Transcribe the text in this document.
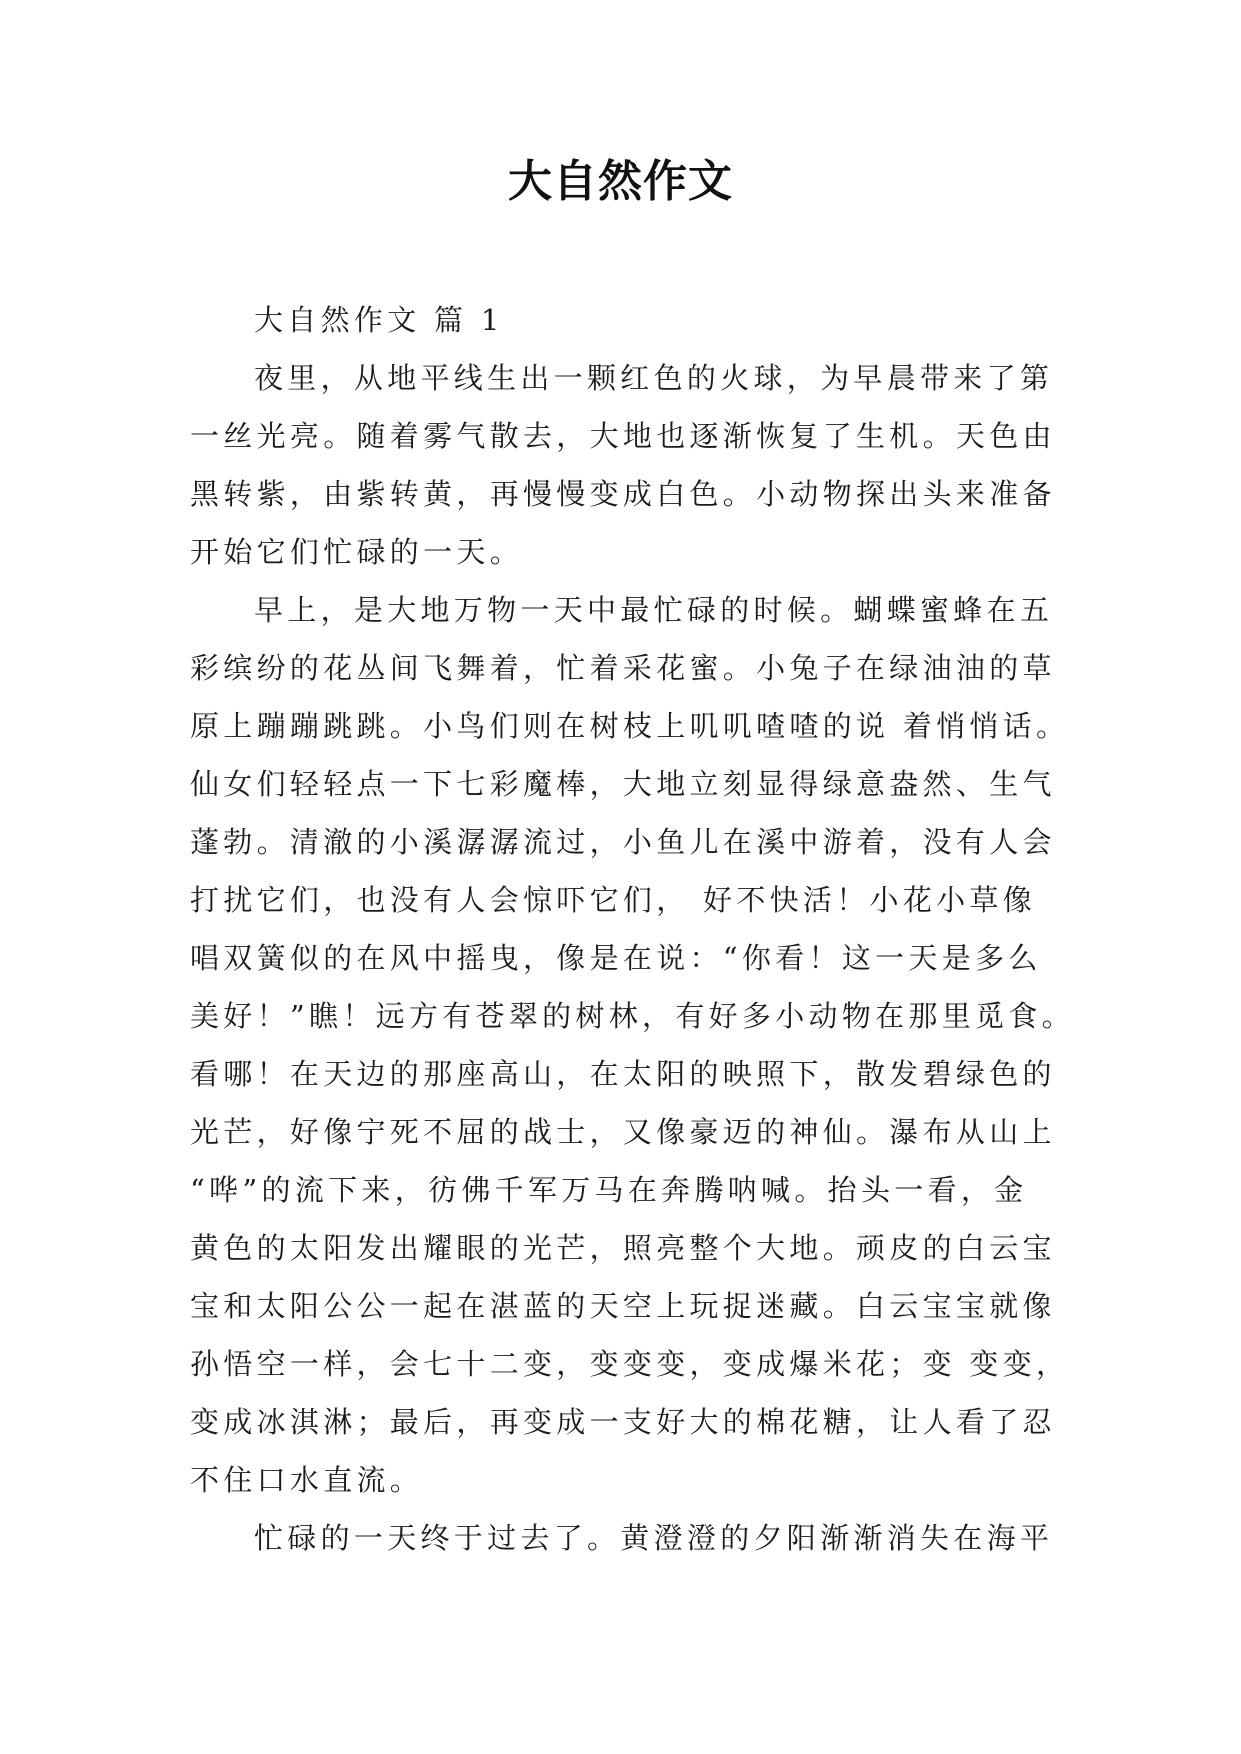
大自然作文
大自然作文 篇 1
夜里，从地平线生出一颗红色的火球，为早晨带来了第
一丝光亮。随着雾气散去，大地也逐渐恢复了生机。天色由
黑转紫，由紫转黄，再慢慢变成白色。小动物探出头来准备
开始它们忙碌的一天。
早上，是大地万物一天中最忙碌的时候。蝴蝶蜜蜂在五
彩缤纷的花丛间飞舞着，忙着采花蜜。小兔子在绿油油的草
原上蹦蹦跳跳。小鸟们则在树枝上叽叽喳喳的说 着悄悄话。
仙女们轻轻点一下七彩魔棒，大地立刻显得绿意盎然、生气
蓬勃。清澈的小溪潺潺流过，小鱼儿在溪中游着，没有人会
打扰它们，也没有人会惊吓它们， 好不快活！小花小草像
唱双簧似的在风中摇曳，像是在说：“你看！这一天是多么
美好！”瞧！远方有苍翠的树林，有好多小动物在那里觅食。
看哪！在天边的那座高山，在太阳的映照下，散发碧绿色的
光芒，好像宁死不屈的战士，又像豪迈的神仙。瀑布从山上
“哗”的流下来，彷佛千军万马在奔腾呐喊。抬头一看，金
黄色的太阳发出耀眼的光芒，照亮整个大地。顽皮的白云宝
宝和太阳公公一起在湛蓝的天空上玩捉迷藏。白云宝宝就像
孙悟空一样，会七十二变，变变变，变成爆米花；变 变变，
变成冰淇淋；最后，再变成一支好大的棉花糖，让人看了忍
不住口水直流。
忙碌的一天终于过去了。黄澄澄的夕阳渐渐消失在海平
